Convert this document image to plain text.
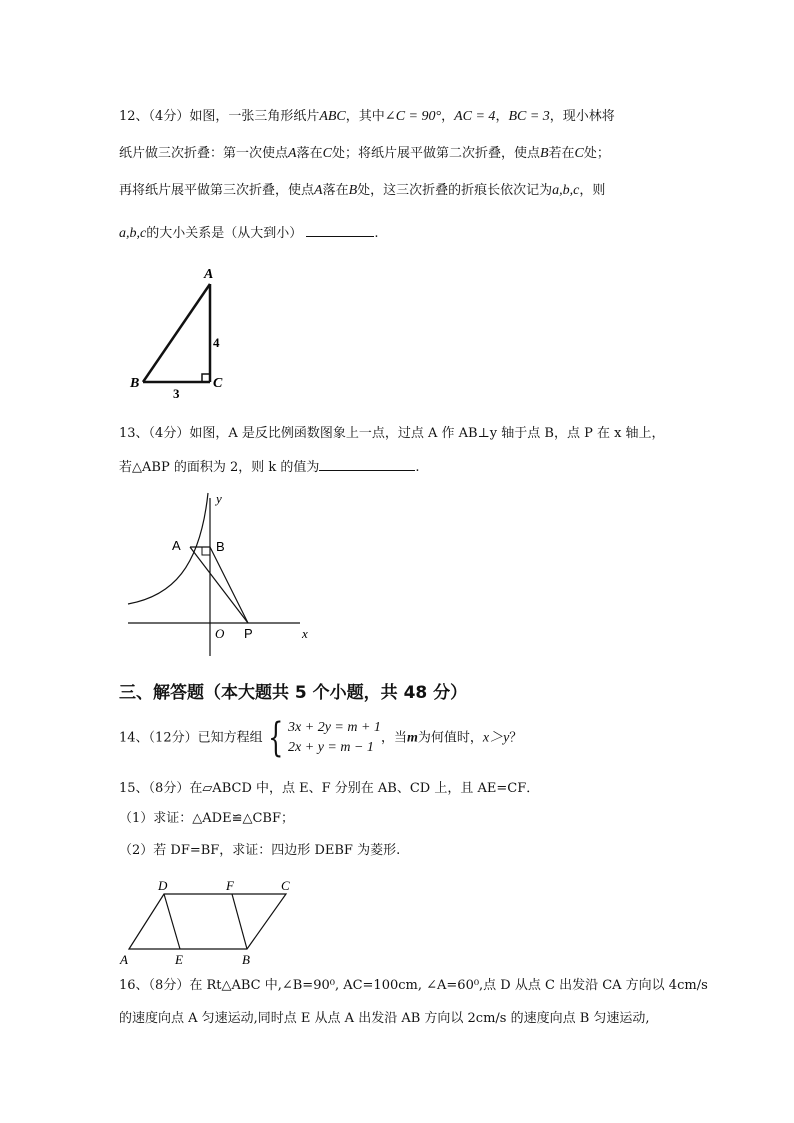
12、（4分）如图，一张三角形纸片ABC，其中∠C = 90°，AC = 4，BC = 3，现小林将
纸片做三次折叠：第一次使点A落在C处；将纸片展平做第二次折叠，使点B若在C处；
再将纸片展平做第三次折叠，使点A落在B处，这三次折叠的折痕长依次记为a,b,c，则
a,b,c的大小关系是（从大到小）	.
A
B	C
4
3
13、（4分）如图，A 是反比例函数图象上一点，过点 A 作 AB⊥y 轴于点 B，点 P 在 x 轴上，
若△ABP 的面积为 2，则 k 的值为	.
A	B
O P	x
y
三、解答题（本大题共 5 个小题，共 48 分）
14、（12分）已知方程组 { 3x + 2y = m + 1
2x + y = m − 1
，当m为何值时，x＞y？
15、（8分）在▱ABCD 中，点 E、F 分别在 AB、CD 上，且 AE=CF．
（1）求证：△ADE≌△CBF；
（2）若 DF=BF，求证：四边形 DEBF 为菱形.
D	F	C
A	E	B
16、（8分）在 Rt△ABC 中,∠B=90⁰, AC=100cm, ∠A=60⁰,点 D 从点 C 出发沿 CA 方向以 4cm/s
的速度向点 A 匀速运动,同时点 E 从点 A 出发沿 AB 方向以 2cm/s 的速度向点 B 匀速运动,
